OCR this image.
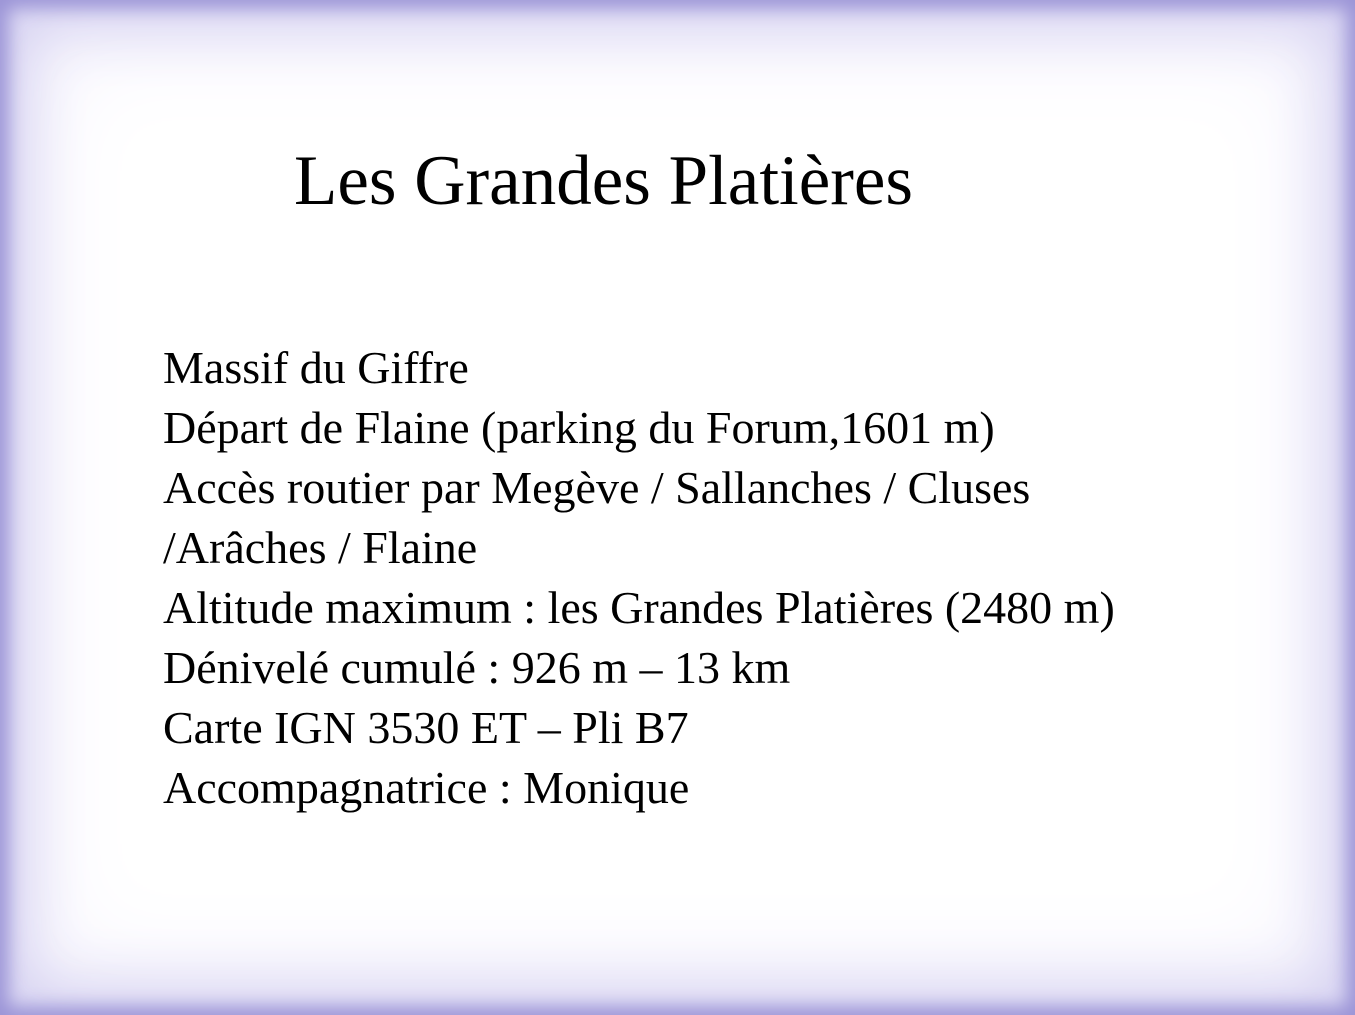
Les Grandes Platières
Massif du Giffre
Départ de Flaine (parking du Forum,1601 m)
Accès routier par Megève / Sallanches / Cluses
/Arâches / Flaine
Altitude maximum : les Grandes Platières (2480 m)
Dénivelé cumulé : 926 m – 13 km
Carte IGN 3530 ET – Pli B7
Accompagnatrice : Monique
